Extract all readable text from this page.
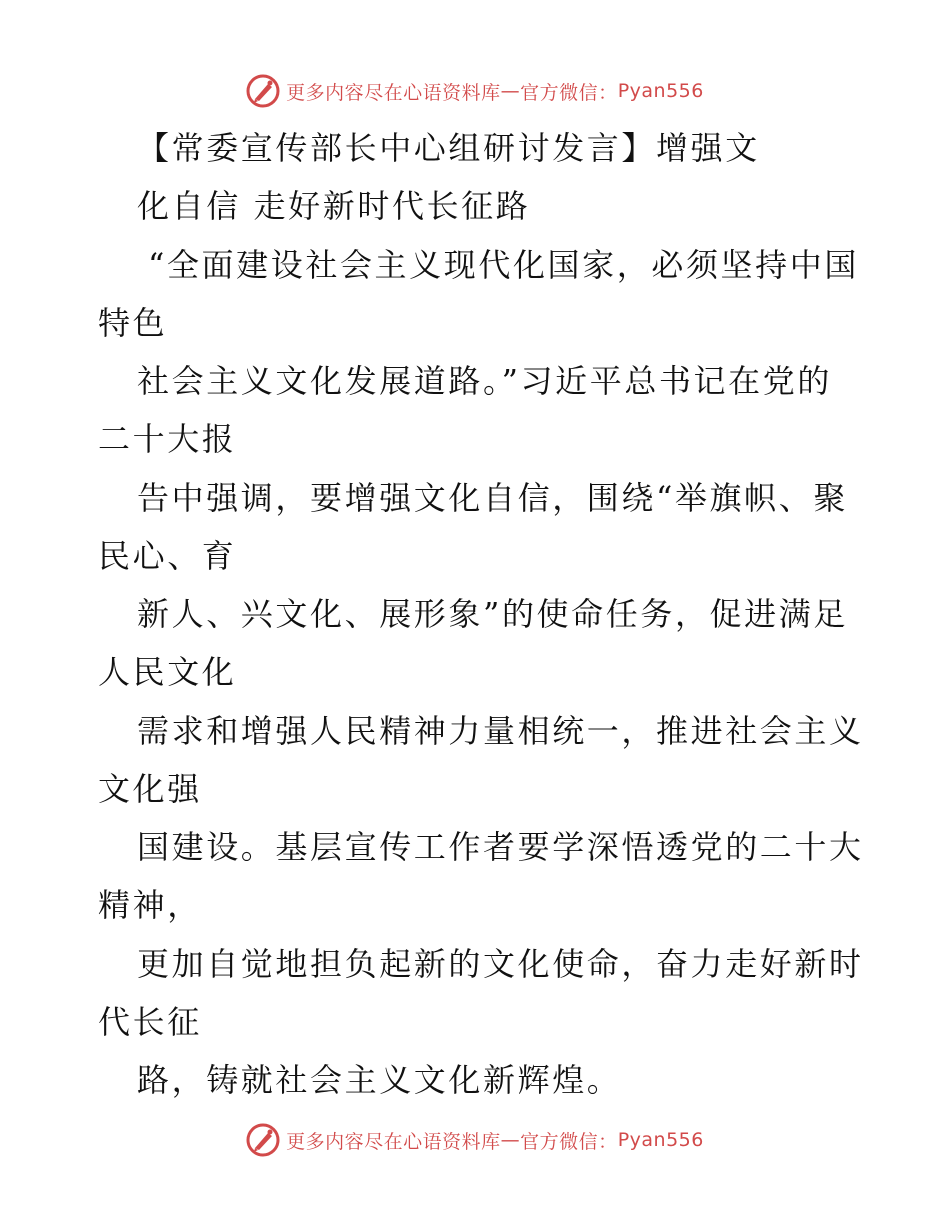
更多内容尽在心语资料库 — 官方微信： Pyan556
【常委宣传部长中心组研讨发言】增强文
化自信 走好新时代长征路
“全面建设社会主义现代化国家，必须坚持中国
特色
社会主义文化发展道路。”习近平总书记在党的
二十大报
告中强调，要增强文化自信，围绕“举旗帜、聚
民心、育
新人、兴文化、展形象”的使命任务，促进满足
人民文化
需求和增强人民精神力量相统一，推进社会主义
文化强
国建设。基层宣传工作者要学深悟透党的二十大
精神，
更加自觉地担负起新的文化使命，奋力走好新时
代长征
路，铸就社会主义文化新辉煌。
更多内容尽在心语资料库 — 官方微信： Pyan556
